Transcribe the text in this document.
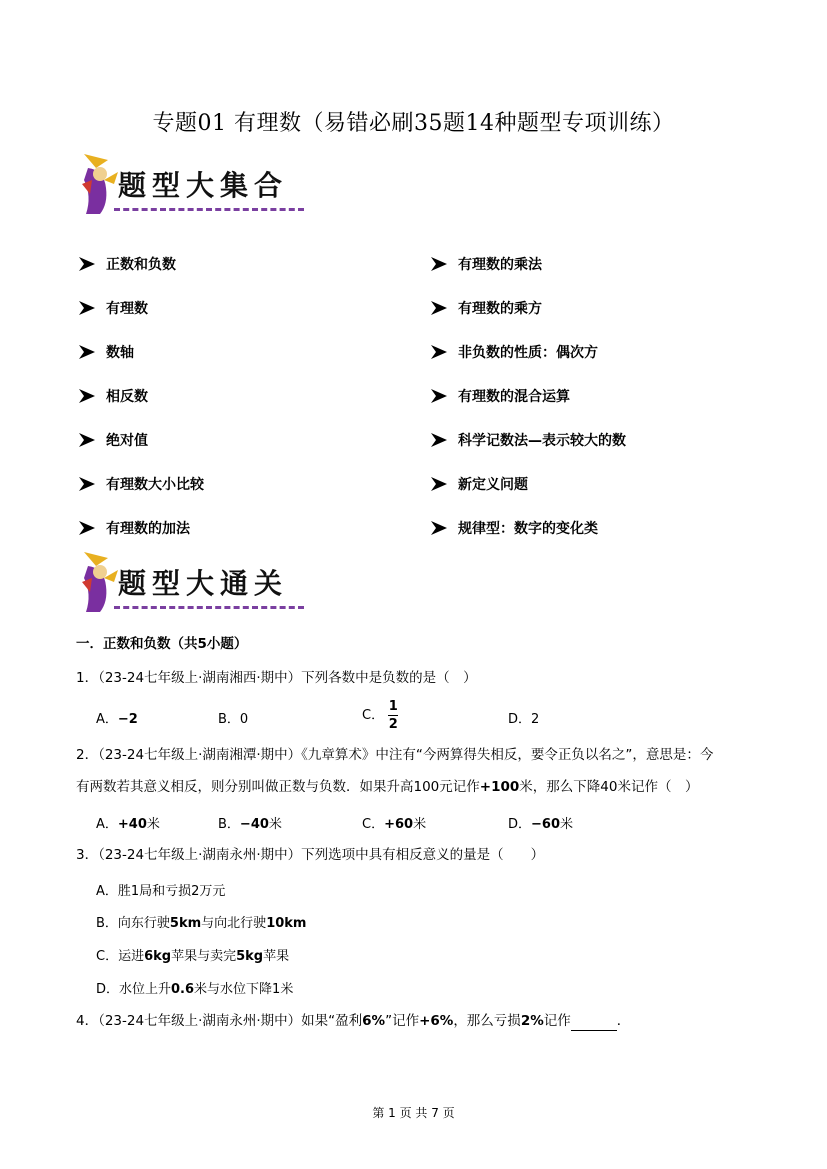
专题01 有理数（易错必刷35题14种题型专项训练）
题型大集合
正数和负数
有理数
数轴
相反数
绝对值
有理数大小比较
有理数的加法
有理数的乘法
有理数的乘方
非负数的性质：偶次方
有理数的混合运算
科学记数法—表示较大的数
新定义问题
规律型：数字的变化类
题型大通关
一．正数和负数（共5小题）
1．（23-24七年级上·湖南湘西·期中）下列各数中是负数的是（　）
A．−2	B．0	C． $\frac{1}{2}$	D．2
2．（23-24七年级上·湖南湘潭·期中）《九章算术》中注有“今两算得失相反，要令正负以名之”，意思是：今
有两数若其意义相反，则分别叫做正数与负数．如果升高100元记作+100米，那么下降40米记作（　）
A．+40米	B．−40米	C．+60米	D．−60米
3．（23-24七年级上·湖南永州·期中）下列选项中具有相反意义的量是（　　）
A．胜1局和亏损2万元
B．向东行驶5km与向北行驶10km
C．运进6kg苹果与卖完5kg苹果
D．水位上升0.6米与水位下降1米
4．（23-24七年级上·湖南永州·期中）如果“盈利6%”记作+6%，那么亏损2%记作	．
第 1 页 共 7 页
